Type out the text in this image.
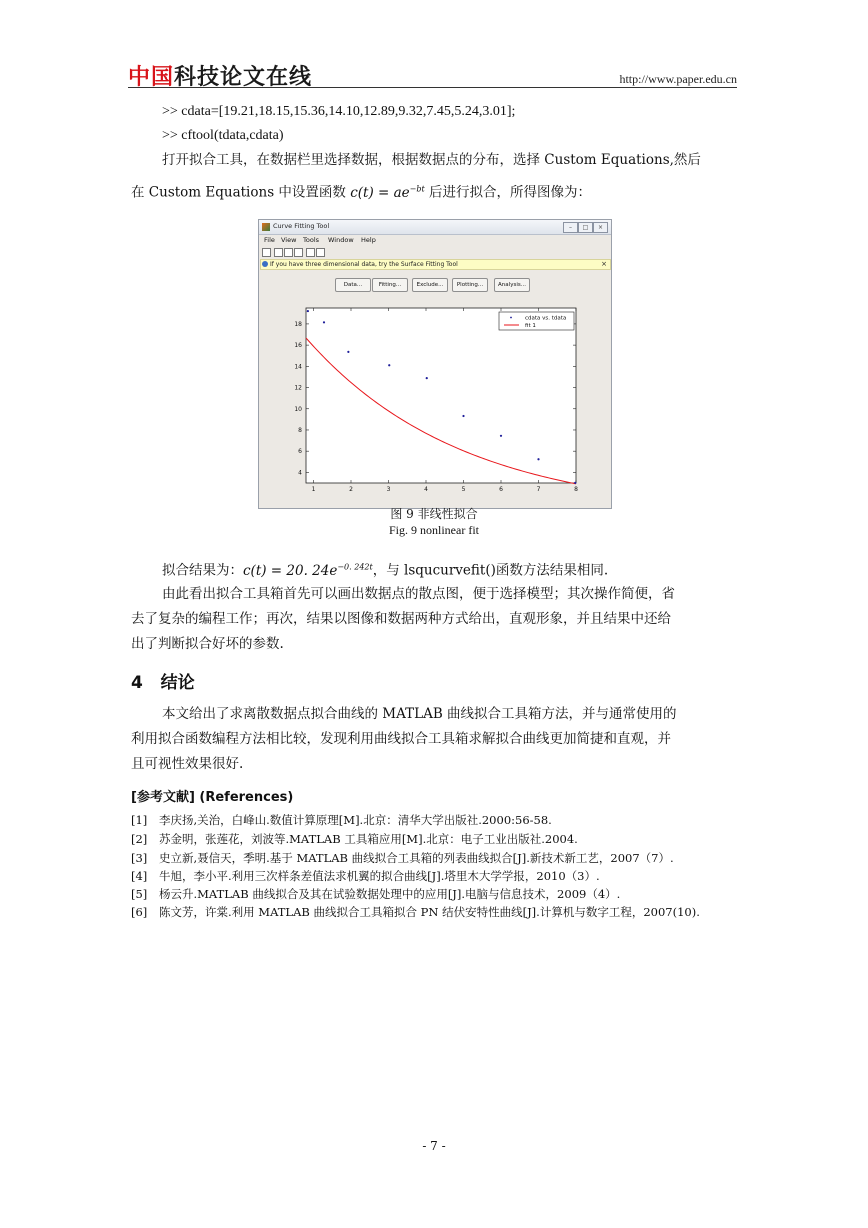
中国科技论文在线	http://www.paper.edu.cn
>> cdata=[19.21,18.15,15.36,14.10,12.89,9.32,7.45,5.24,3.01];
>> cftool(tdata,cdata)
打开拟合工具，在数据栏里选择数据，根据数据点的分布，选择 Custom Equations,然后
在 Custom Equations 中设置函数 $c(t) = ae^{-bt}$ 后进行拟合，所得图像为：
Curve Fitting Tool	–	□	×
File View Tools Window Help
If you have three dimensional data, try the Surface Fitting Tool	×
Data...	Fitting...	Exclude...	Plotting...	Analysis...
1	2	3	4	5	6	7	8
4
6
8
10
12
14
16
18
cdata vs. tdata
fit 1
图 9 非线性拟合
Fig. 9 nonlinear fit
拟合结果为：c(t) = 20. $24e^{-0. 242t}$，与 lsqucurvefit()函数方法结果相同.
由此看出拟合工具箱首先可以画出数据点的散点图，便于选择模型；其次操作简便，省
去了复杂的编程工作；再次，结果以图像和数据两种方式给出，直观形象，并且结果中还给
出了判断拟合好坏的参数.
4 结论
本文给出了求离散数据点拟合曲线的 MATLAB 曲线拟合工具箱方法，并与通常使用的
利用拟合函数编程方法相比较，发现利用曲线拟合工具箱求解拟合曲线更加简捷和直观，并
且可视性效果很好.
[参考文献] (References)
[1] 李庆扬,关治，白峰山.数值计算原理[M].北京：清华大学出版社.2000:56-58.
[2] 苏金明，张莲花，刘波等.MATLAB 工具箱应用[M].北京：电子工业出版社.2004.
[3] 史立新,聂信天，季明.基于 MATLAB 曲线拟合工具箱的列表曲线拟合[J].新技术新工艺，2007（7）.
[4] 牛旭，李小平.利用三次样条差值法求机翼的拟合曲线[J].塔里木大学学报，2010（3）.
[5] 杨云升.MATLAB 曲线拟合及其在试验数据处理中的应用[J].电脑与信息技术，2009（4）.
[6] 陈文芳，许棠.利用 MATLAB 曲线拟合工具箱拟合 PN 结伏安特性曲线[J].计算机与数字工程，2007(10).
- 7 -
